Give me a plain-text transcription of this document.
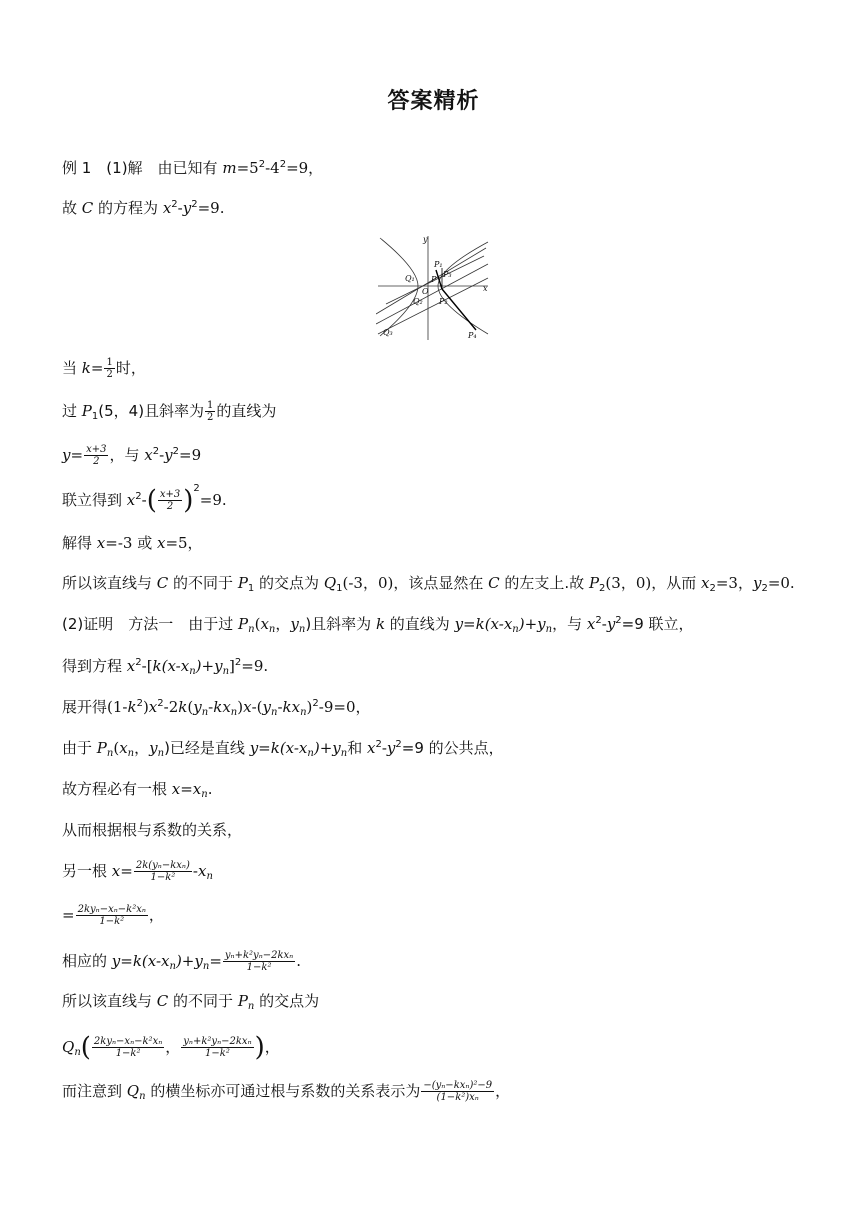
答案精析
例 1　(1)解　由已知有 $m=5^2-4^2=9$，
故 C 的方程为 $x^2-y^2=9$.
y
x
O
P
P₁
P₂
P₃
P₄
Q₁
Q₂
Q₃
当 $k= \frac{1}{2}$ 时，
过 $P_1(5$，4)且斜率为 $\frac{1}{2}$ 的直线为
$y= \frac{x+3}{2}$ ，与 $x^2-y^2=9$
联立得到 $x^2-( \frac{x+3}{2} )^2=9$.
解得 x=-3 或 x=5，
所以该直线与 C 的不同于 $P_1$ 的交点为 $Q_1(-3$，0)，该点显然在 C 的左支上.故 $P_2(3$，0)，从而 $x_2=3$，$y_2=0$.
(2)证明　方法一　由于过 $P_n(x_n$，$y_n$)且斜率为 k 的直线为 $y=k(x-x_n)+y_n$，与 $x^2-y^2=9$ 联立，
得到方程 $x^2-[k(x-x_n)+y_n]^2=9$.
展开得$(1-k^2)x^2-2k(y_n-kx_n)x-(y_n-kx_n)^2-9=0$，
由于 $P_n(x_n$，$y_n$)已经是直线 $y=k(x-x_n)+y_n$和 $x^2-y^2=9$ 的公共点，
故方程必有一根 $x=x_n$.
从而根据根与系数的关系，
另一根 $x= \frac{\text{2k(yₙ−kxₙ)}}{\text{1−k²}} -x_n$
= $\frac{\text{2kyₙ−xₙ−k²xₙ}}{\text{1−k²}}$ ，
相应的 $y=k(x-x_n)+y_n= \frac{\text{yₙ+k²yₙ−2kxₙ}}{\text{1−k²}}$ .
所以该直线与 C 的不同于 $P_n$ 的交点为
$Q_n( \frac{\text{2kyₙ−xₙ−k²xₙ}}{\text{1−k²}}$ ， $\frac{\text{yₙ+k²yₙ−2kxₙ}}{\text{1−k²}}$ )，
而注意到 $Q_n$ 的横坐标亦可通过根与系数的关系表示为 $\frac{\text{−(yₙ−kxₙ)²−9}}{\text{(1−k²)xₙ}}$ ，
